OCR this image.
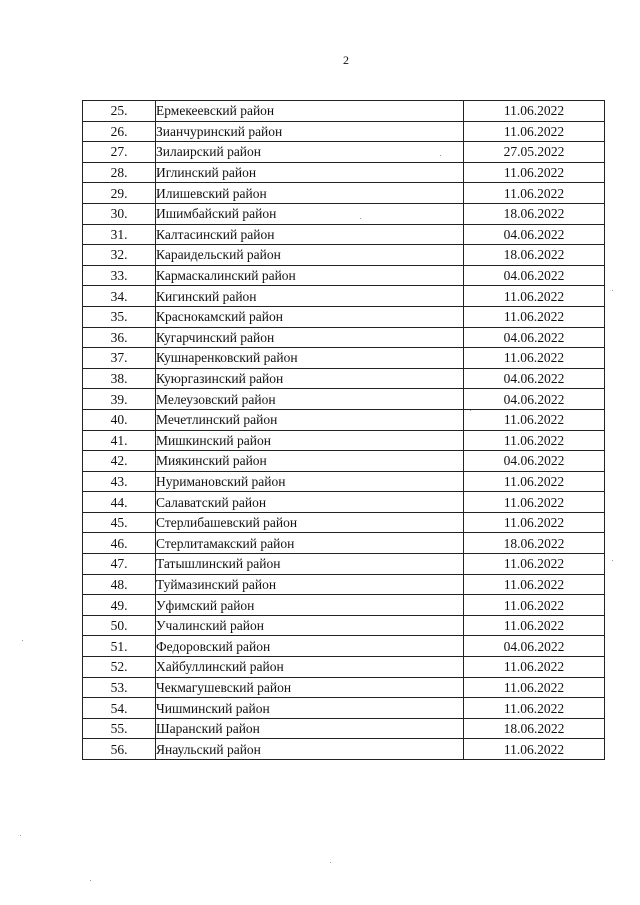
2
25.	Ермекеевский район	11.06.2022
26.	Зианчуринский район	11.06.2022
27.	Зилаирский район	27.05.2022
28.	Иглинский район	11.06.2022
29.	Илишевский район	11.06.2022
30.	Ишимбайский район	18.06.2022
31.	Калтасинский район	04.06.2022
32.	Караидельский район	18.06.2022
33.	Кармаскалинский район	04.06.2022
34.	Кигинский район	11.06.2022
35.	Краснокамский район	11.06.2022
36.	Кугарчинский район	04.06.2022
37.	Кушнаренковский район	11.06.2022
38.	Куюргазинский район	04.06.2022
39.	Мелеузовский район	04.06.2022
40.	Мечетлинский район	11.06.2022
41.	Мишкинский район	11.06.2022
42.	Миякинский район	04.06.2022
43.	Нуримановский район	11.06.2022
44.	Салаватский район	11.06.2022
45.	Стерлибашевский район	11.06.2022
46.	Стерлитамакский район	18.06.2022
47.	Татышлинский район	11.06.2022
48.	Туймазинский район	11.06.2022
49.	Уфимский район	11.06.2022
50.	Учалинский район	11.06.2022
51.	Федоровский район	04.06.2022
52.	Хайбуллинский район	11.06.2022
53.	Чекмагушевский район	11.06.2022
54.	Чишминский район	11.06.2022
55.	Шаранский район	18.06.2022
56.	Янаульский район	11.06.2022
